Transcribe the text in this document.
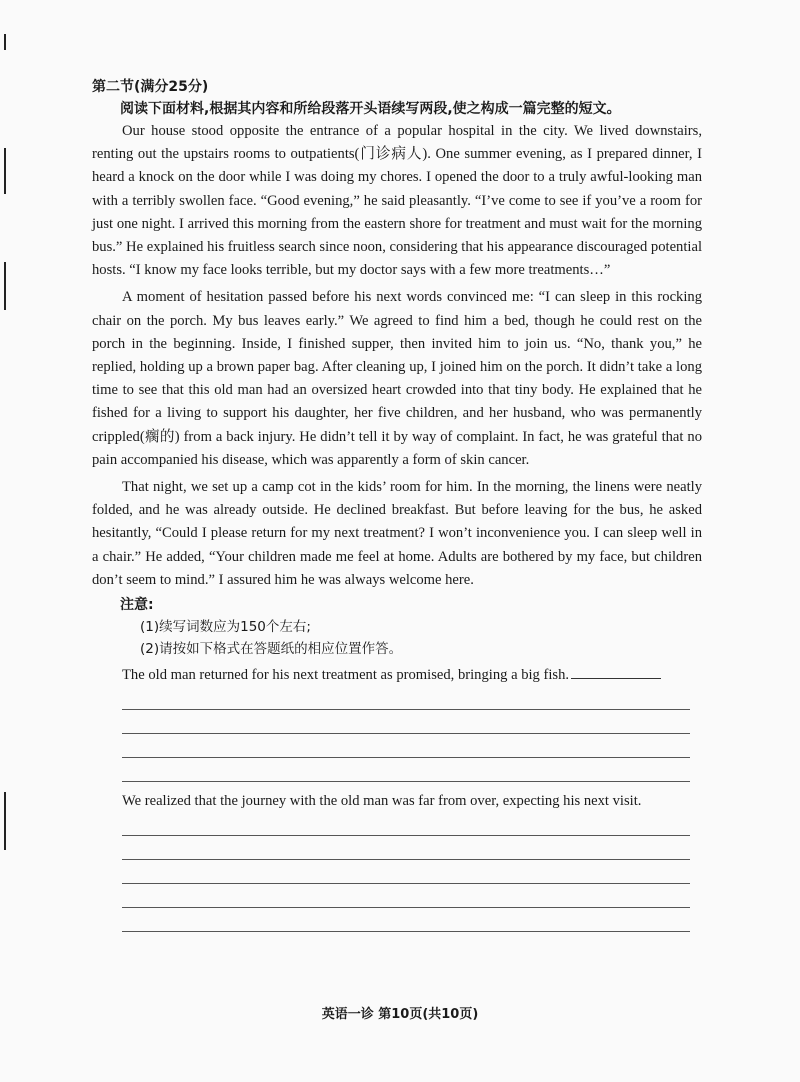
第二节(满分25分)
阅读下面材料,根据其内容和所给段落开头语续写两段,使之构成一篇完整的短文。

Our house stood opposite the entrance of a popular hospital in the city. We lived downstairs, renting out the upstairs rooms to outpatients(门诊病人). One summer evening, as I prepared dinner, I heard a knock on the door while I was doing my chores. I opened the door to a truly awful-looking man with a terribly swollen face. “Good evening,” he said pleasantly. “I’ve come to see if you’ve a room for just one night. I arrived this morning from the eastern shore for treatment and must wait for the morning bus.” He explained his fruitless search since noon, considering that his appearance discouraged potential hosts. “I know my face looks terrible, but my doctor says with a few more treatments…”

A moment of hesitation passed before his next words convinced me: “I can sleep in this rocking chair on the porch. My bus leaves early.” We agreed to find him a bed, though he could rest on the porch in the beginning. Inside, I finished supper, then invited him to join us. “No, thank you,” he replied, holding up a brown paper bag. After cleaning up, I joined him on the porch. It didn’t take a long time to see that this old man had an oversized heart crowded into that tiny body. He explained that he fished for a living to support his daughter, her five children, and her husband, who was permanently crippled(瘸的) from a back injury. He didn’t tell it by way of complaint. In fact, he was grateful that no pain accompanied his disease, which was apparently a form of skin cancer.

That night, we set up a camp cot in the kids’ room for him. In the morning, the linens were neatly folded, and he was already outside. He declined breakfast. But before leaving for the bus, he asked hesitantly, “Could I please return for my next treatment? I won’t inconvenience you. I can sleep well in a chair.” He added, “Your children made me feel at home. Adults are bothered by my face, but children don’t seem to mind.” I assured him he was always welcome here.

注意:
(1)续写词数应为150个左右;
(2)请按如下格式在答题纸的相应位置作答。
The old man returned for his next treatment as promised, bringing a big fish.
We realized that the journey with the old man was far from over, expecting his next visit.
英语一诊 第10页(共10页)
